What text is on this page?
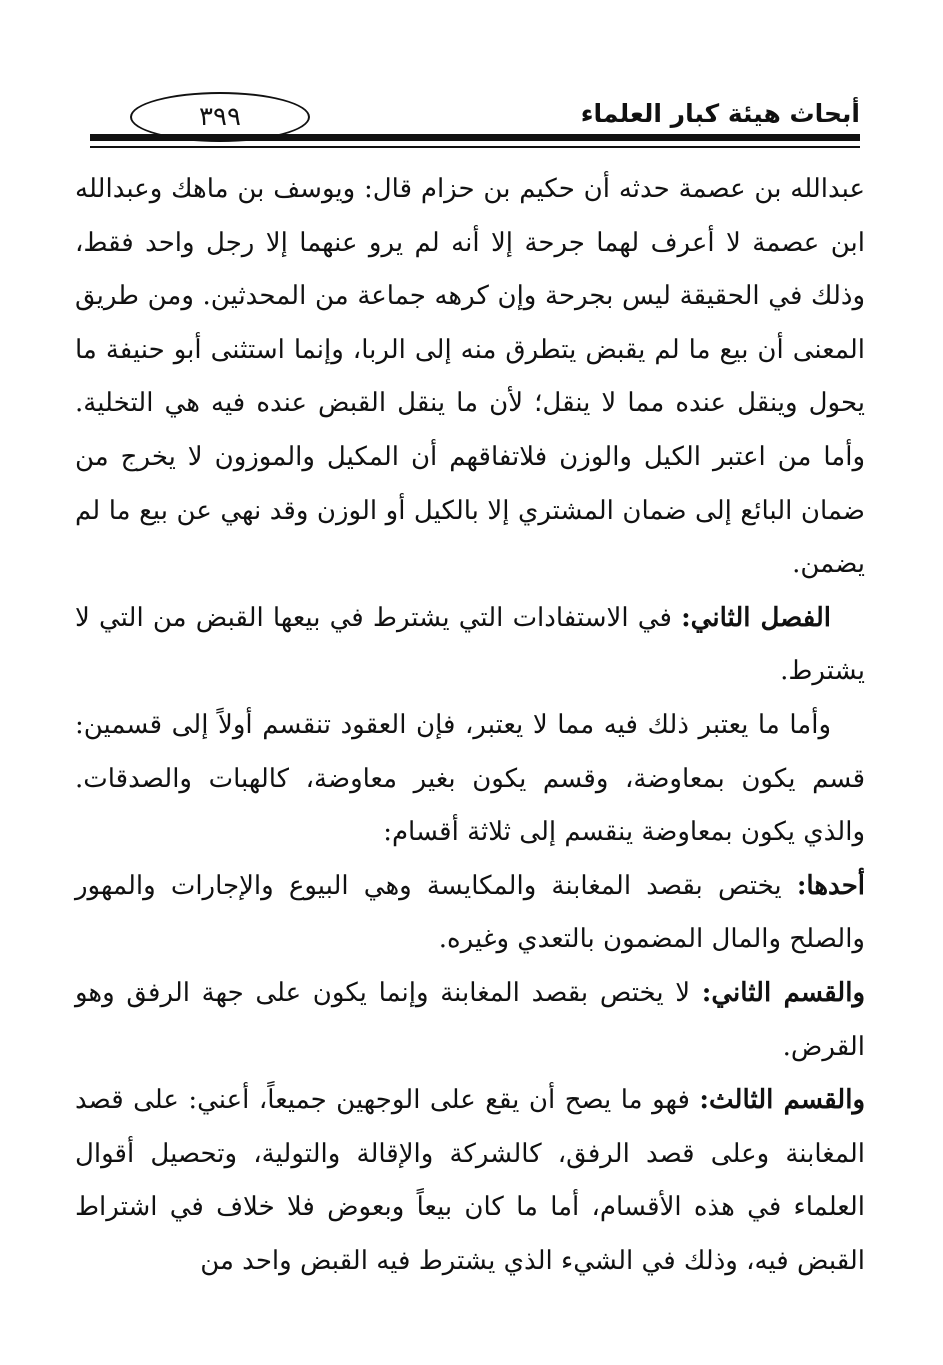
أبحاث هيئة كبار العلماء
٣٩٩

عبدالله بن عصمة حدثه أن حكيم بن حزام قال: ويوسف بن ماهك وعبدالله ابن عصمة لا أعرف لهما جرحة إلا أنه لم يرو عنهما إلا رجل واحد فقط، وذلك في الحقيقة ليس بجرحة وإن كرهه جماعة من المحدثين. ومن طريق المعنى أن بيع ما لم يقبض يتطرق منه إلى الربا، وإنما استثنى أبو حنيفة ما يحول وينقل عنده مما لا ينقل؛ لأن ما ينقل القبض عنده فيه هي التخلية. وأما من اعتبر الكيل والوزن فلاتفاقهم أن المكيل والموزون لا يخرج من ضمان البائع إلى ضمان المشتري إلا بالكيل أو الوزن وقد نهي عن بيع ما لم يضمن.

الفصل الثاني: في الاستفادات التي يشترط في بيعها القبض من التي لا يشترط.

وأما ما يعتبر ذلك فيه مما لا يعتبر، فإن العقود تنقسم أولاً إلى قسمين: قسم يكون بمعاوضة، وقسم يكون بغير معاوضة، كالهبات والصدقات. والذي يكون بمعاوضة ينقسم إلى ثلاثة أقسام:

أحدها: يختص بقصد المغابنة والمكايسة وهي البيوع والإجارات والمهور والصلح والمال المضمون بالتعدي وغيره.

والقسم الثاني: لا يختص بقصد المغابنة وإنما يكون على جهة الرفق وهو القرض.

والقسم الثالث: فهو ما يصح أن يقع على الوجهين جميعاً، أعني: على قصد المغابنة وعلى قصد الرفق، كالشركة والإقالة والتولية، وتحصيل أقوال العلماء في هذه الأقسام، أما ما كان بيعاً وبعوض فلا خلاف في اشتراط القبض فيه، وذلك في الشيء الذي يشترط فيه القبض واحد من
